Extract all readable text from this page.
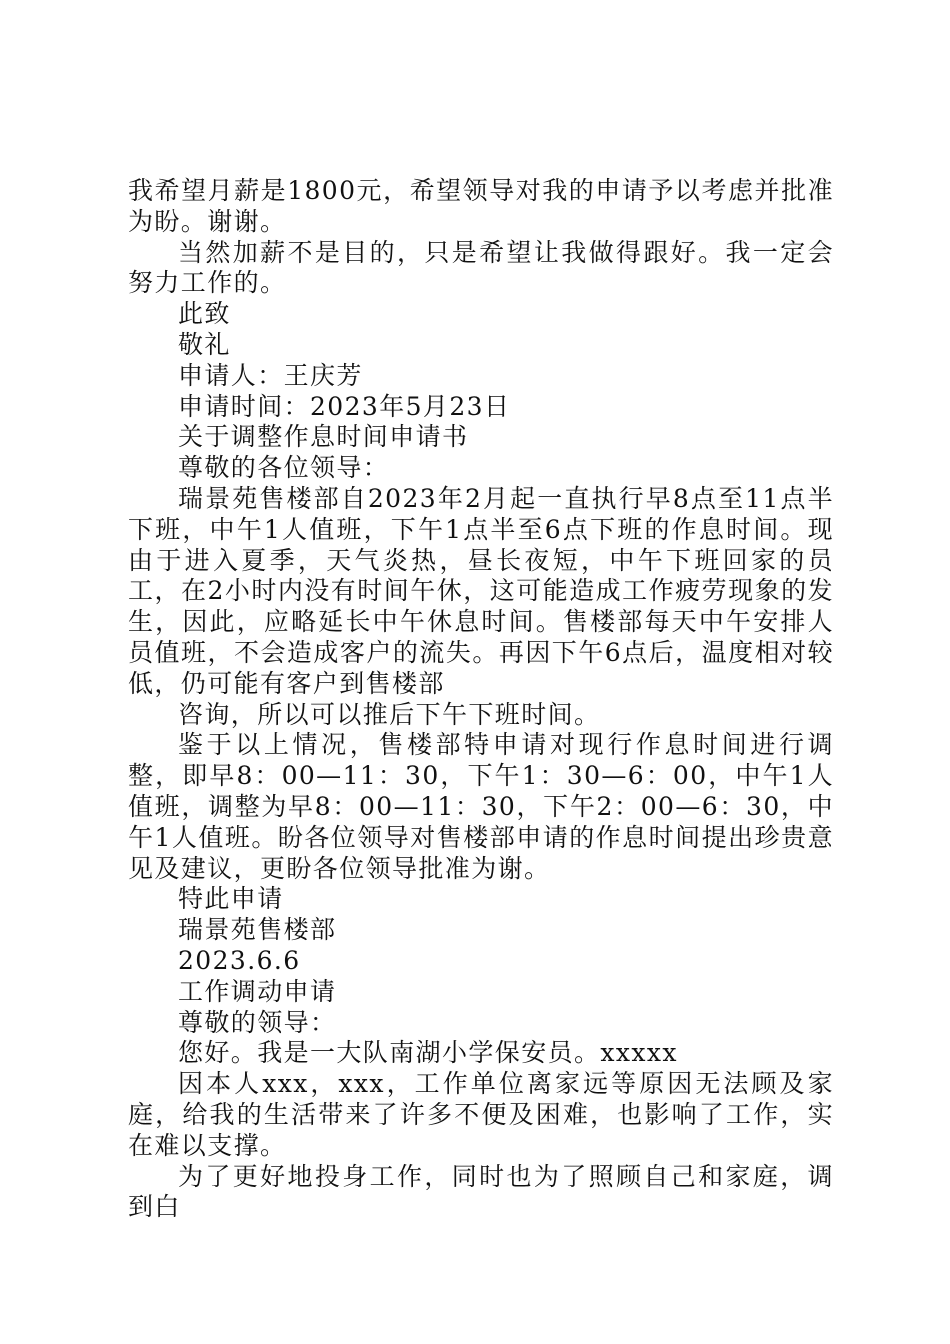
我希望月薪是1800元，希望领导对我的申请予以考虑并批准为盼。谢谢。

当然加薪不是目的，只是希望让我做得跟好。我一定会努力工作的。

此致

敬礼

申请人：王庆芳

申请时间：2023年5月23日

关于调整作息时间申请书

尊敬的各位领导：

瑞景苑售楼部自2023年2月起一直执行早8点至11点半下班，中午1人值班，下午1点半至6点下班的作息时间。现由于进入夏季，天气炎热，昼长夜短，中午下班回家的员工，在2小时内没有时间午休，这可能造成工作疲劳现象的发生，因此，应略延长中午休息时间。售楼部每天中午安排人员值班，不会造成客户的流失。再因下午6点后，温度相对较低，仍可能有客户到售楼部

咨询，所以可以推后下午下班时间。

鉴于以上情况，售楼部特申请对现行作息时间进行调整，即早8：00—11：30，下午1：30—6：00，中午1人值班，调整为早8：00—11：30，下午2：00—6：30，中午1人值班。盼各位领导对售楼部申请的作息时间提出珍贵意见及建议，更盼各位领导批准为谢。

特此申请

瑞景苑售楼部

2023.6.6

工作调动申请

尊敬的领导：

您好。我是一大队南湖小学保安员。xxxxx

因本人xxx，xxx，工作单位离家远等原因无法顾及家庭，给我的生活带来了许多不便及困难，也影响了工作，实在难以支撑。

为了更好地投身工作，同时也为了照顾自己和家庭，调到白
